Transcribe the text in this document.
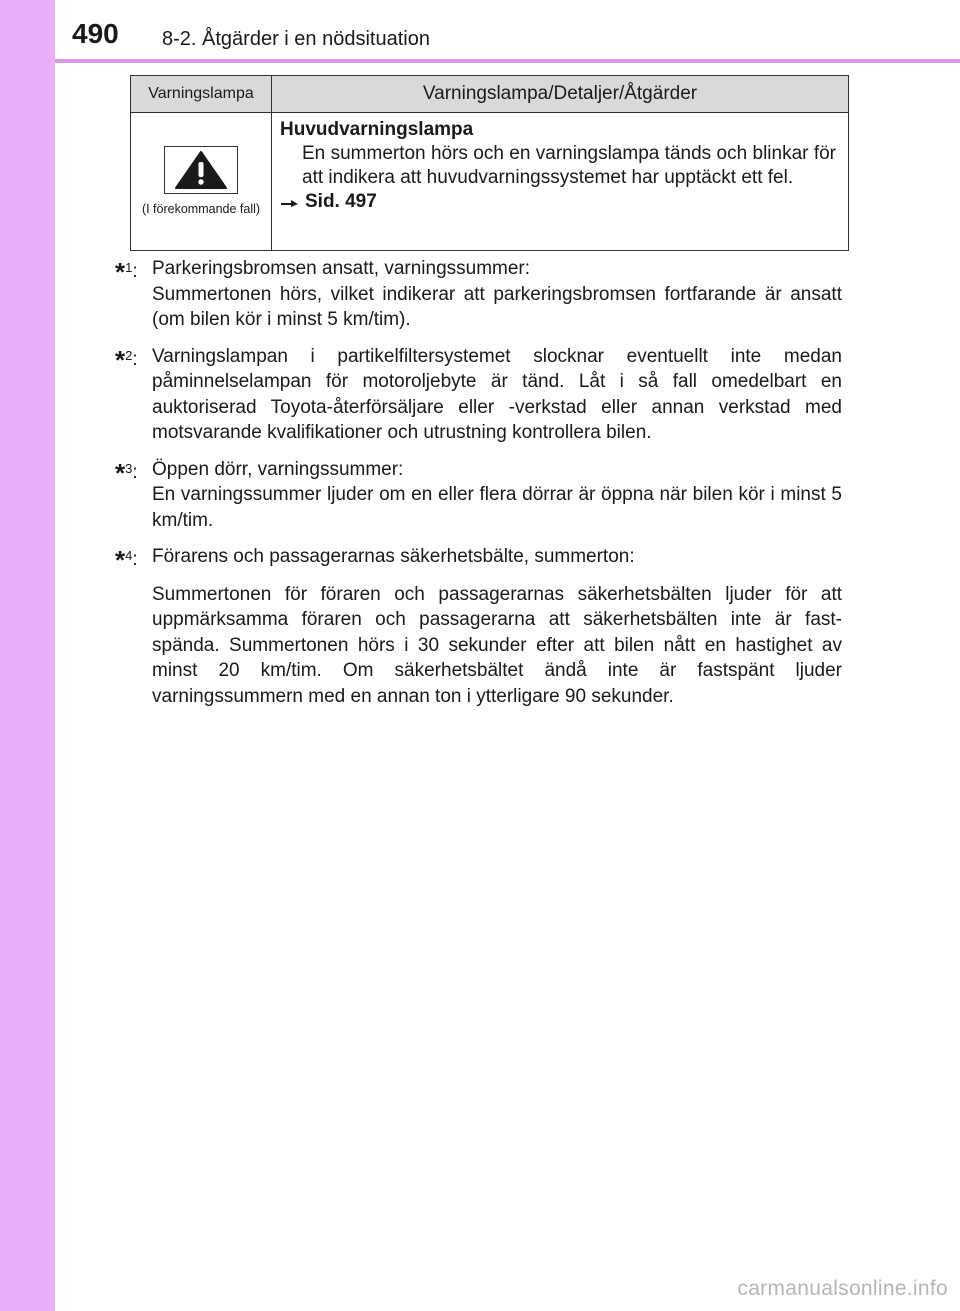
490 8-2. Åtgärder i en nödsituation
Varningslampa	Varningslampa/Detaljer/Åtgärder

(I förekommande fall)	Huvudvarningslampa
En summerton hörs och en varningslampa tänds och blinkar för att indikera att huvudvarningssystemet har upptäckt ett fel.
Sid. 497
*$^1$: Parkeringsbromsen ansatt, varningssummer:
Summertonen hörs, vilket indikerar att parkeringsbromsen fortfarande är ansatt (om bilen kör i minst 5 km/tim).
*$^2$: Varningslampan i partikelfiltersystemet slocknar eventuellt inte medan påminnelselampan för motoroljebyte är tänd. Låt i så fall omedelbart en auktoriserad Toyota-återförsäljare eller -verkstad eller annan verkstad med motsvarande kvalifikationer och utrustning kontrollera bilen.
*$^3$: Öppen dörr, varningssummer:
En varningssummer ljuder om en eller flera dörrar är öppna när bilen kör i minst 5 km/tim.
*$^4$: Förarens och passagerarnas säkerhetsbälte, summerton:
Summertonen för föraren och passagerarnas säkerhetsbälten ljuder för att uppmärksamma föraren och passagerarna att säkerhetsbälten inte är fast-spända. Summertonen hörs i 30 sekunder efter att bilen nått en hastighet av minst 20 km/tim. Om säkerhetsbältet ändå inte är fastspänt ljuder varningssummern med en annan ton i ytterligare 90 sekunder.
carmanualsonline.info
